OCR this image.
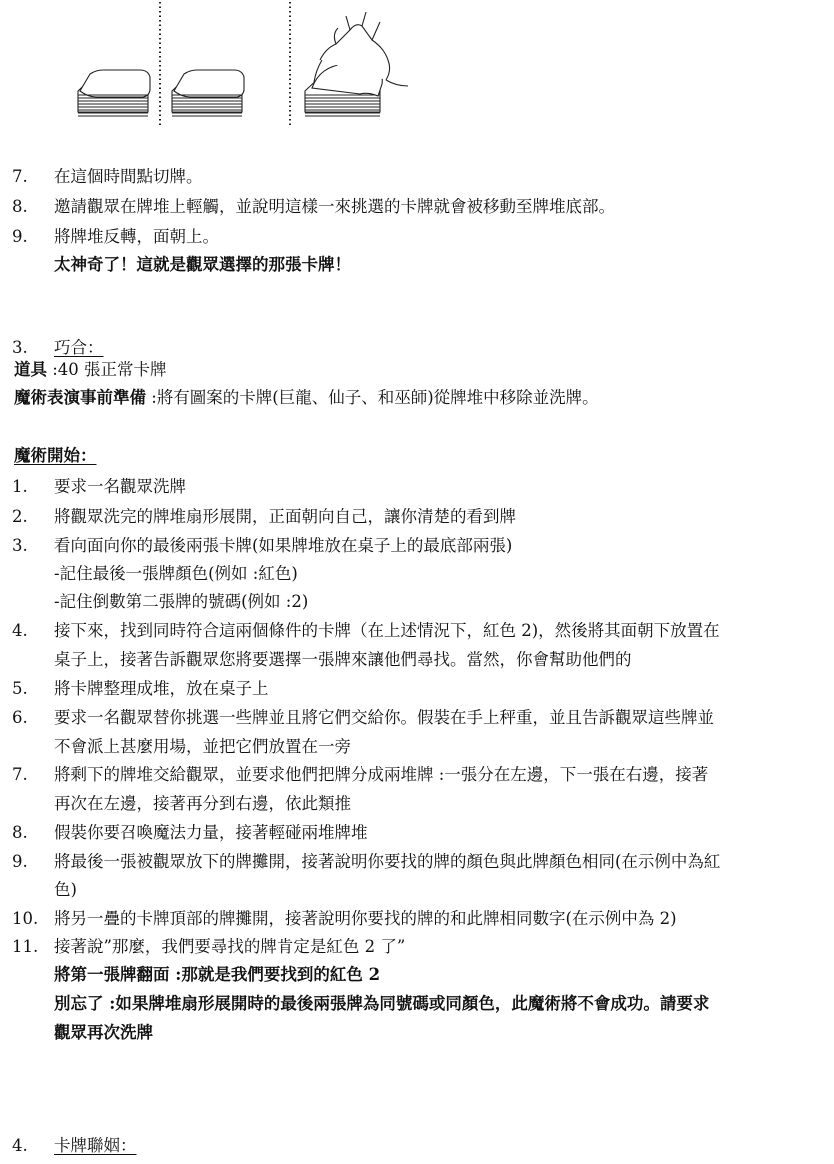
7.	在這個時間點切牌。
8.	邀請觀眾在牌堆上輕觸，並說明這樣一來挑選的卡牌就會被移動至牌堆底部。
9.	將牌堆反轉，面朝上。
太神奇了！這就是觀眾選擇的那張卡牌！
3.	巧合：
道具 :40 張正常卡牌
魔術表演事前準備 :將有圖案的卡牌(巨龍、仙子、和巫師)從牌堆中移除並洗牌。
魔術開始：
1.	要求一名觀眾洗牌
2.	將觀眾洗完的牌堆扇形展開，正面朝向自己，讓你清楚的看到牌
3.	看向面向你的最後兩張卡牌(如果牌堆放在桌子上的最底部兩張)
-記住最後一張牌顏色(例如 :紅色)
-記住倒數第二張牌的號碼(例如 :2)
4.	接下來，找到同時符合這兩個條件的卡牌（在上述情況下，紅色 2)，然後將其面朝下放置在
桌子上，接著告訴觀眾您將要選擇一張牌來讓他們尋找。當然，你會幫助他們的
5.	將卡牌整理成堆，放在桌子上
6.	要求一名觀眾替你挑選一些牌並且將它們交給你。假裝在手上秤重，並且告訴觀眾這些牌並
不會派上甚麼用場，並把它們放置在一旁
7.	將剩下的牌堆交給觀眾，並要求他們把牌分成兩堆牌 :一張分在左邊，下一張在右邊，接著
再次在左邊，接著再分到右邊，依此類推
8.	假裝你要召喚魔法力量，接著輕碰兩堆牌堆
9.	將最後一張被觀眾放下的牌攤開，接著說明你要找的牌的顏色與此牌顏色相同(在示例中為紅
色)
10. 將另一疊的卡牌頂部的牌攤開，接著說明你要找的牌的和此牌相同數字(在示例中為 2)
11. 接著說”那麼，我們要尋找的牌肯定是紅色 2 了”
將第一張牌翻面 :那就是我們要找到的紅色 2
別忘了 :如果牌堆扇形展開時的最後兩張牌為同號碼或同顏色，此魔術將不會成功。請要求
觀眾再次洗牌
4.	卡牌聯姻：
